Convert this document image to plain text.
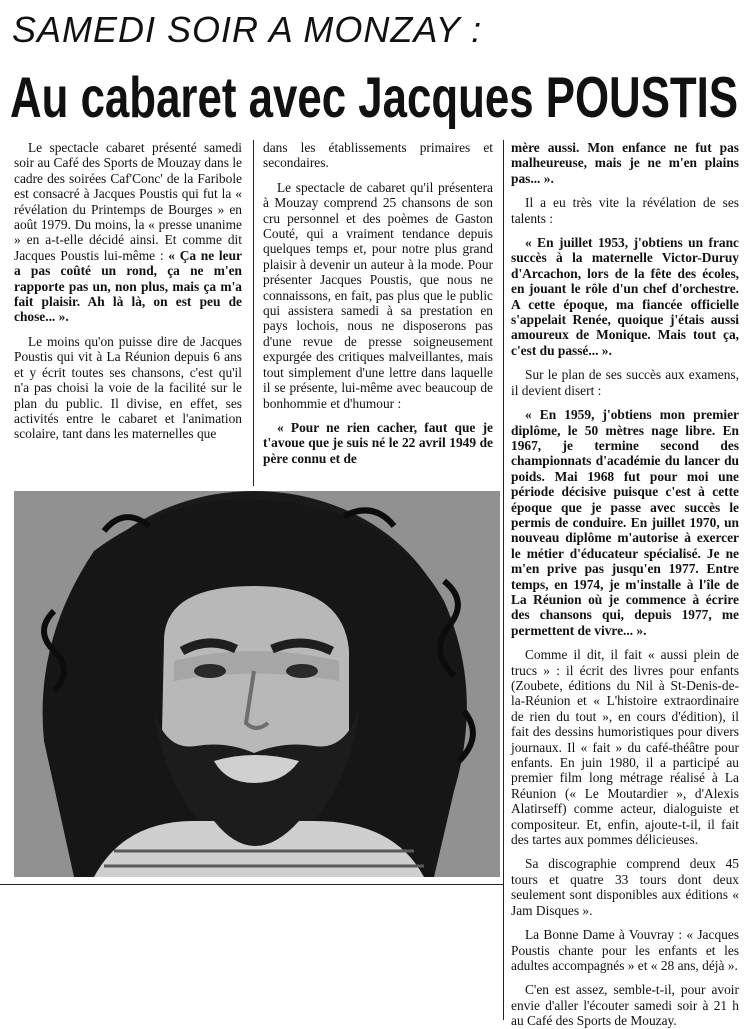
SAMEDI SOIR A MONZAY :
Au cabaret avec Jacques POUSTIS

Le spectacle cabaret présenté samedi soir au Café des Sports de Mouzay dans le cadre des soirées Caf'Conc' de la Faribole est consacré à Jacques Poustis qui fut la « révélation du Printemps de Bourges » en août 1979. Du moins, la « presse unanime » en a-t-elle décidé ainsi. Et comme dit Jacques Poustis lui-même : « Ça ne leur a pas coûté un rond, ça ne m'en rapporte pas un, non plus, mais ça m'a fait plaisir. Ah là là, on est peu de chose... ».

Le moins qu'on puisse dire de Jacques Poustis qui vit à La Réunion depuis 6 ans et y écrit toutes ses chansons, c'est qu'il n'a pas choisi la voie de la facilité sur le plan du public. Il divise, en effet, ses activités entre le cabaret et l'animation scolaire, tant dans les maternelles que

dans les établissements primaires et secondaires.

Le spectacle de cabaret qu'il présentera à Mouzay comprend 25 chansons de son cru personnel et des poèmes de Gaston Couté, qui a vraiment tendance depuis quelques temps et, pour notre plus grand plaisir à devenir un auteur à la mode. Pour présenter Jacques Poustis, que nous ne connaissons, en fait, pas plus que le public qui assistera samedi à sa prestation en pays lochois, nous ne disposerons pas d'une revue de presse soigneusement expurgée des critiques malveillantes, mais tout simplement d'une lettre dans laquelle il se présente, lui-même avec beaucoup de bonhommie et d'humour :

« Pour ne rien cacher, faut que je t'avoue que je suis né le 22 avril 1949 de père connu et de

mère aussi. Mon enfance ne fut pas malheureuse, mais je ne m'en plains pas... ».

Il a eu très vite la révélation de ses talents :

« En juillet 1953, j'obtiens un franc succès à la maternelle Victor-Duruy d'Arcachon, lors de la fête des écoles, en jouant le rôle d'un chef d'orchestre. A cette époque, ma fiancée officielle s'appelait Renée, quoique j'étais aussi amoureux de Monique. Mais tout ça, c'est du passé... ».

Sur le plan de ses succès aux examens, il devient disert :

« En 1959, j'obtiens mon premier diplôme, le 50 mètres nage libre. En 1967, je termine second des championnats d'académie du lancer du poids. Mai 1968 fut pour moi une période décisive puisque c'est à cette époque que je passe avec succès le permis de conduire. En juillet 1970, un nouveau diplôme m'autorise à exercer le métier d'éducateur spécialisé. Je ne m'en prive pas jusqu'en 1977. Entre temps, en 1974, je m'installe à l'île de La Réunion où je commence à écrire des chansons qui, depuis 1977, me permettent de vivre... ».

Comme il dit, il fait « aussi plein de trucs » : il écrit des livres pour enfants (Zoubete, éditions du Nil à St-Denis-de-la-Réunion et « L'histoire extraordinaire de rien du tout », en cours d'édition), il fait des dessins humoristiques pour divers journaux. Il « fait » du café-théâtre pour enfants. En juin 1980, il a participé au premier film long métrage réalisé à La Réunion (« Le Moutardier », d'Alexis Alatirseff) comme acteur, dialoguiste et compositeur. Et, enfin, ajoute-t-il, il fait des tartes aux pommes délicieuses.

Sa discographie comprend deux 45 tours et quatre 33 tours dont deux seulement sont disponibles aux éditions « Jam Disques ».

La Bonne Dame à Vouvray : « Jacques Poustis chante pour les enfants et les adultes accompagnés » et « 28 ans, déjà ».

C'en est assez, semble-t-il, pour avoir envie d'aller l'écouter samedi soir à 21 h au Café des Sports de Mouzay.
